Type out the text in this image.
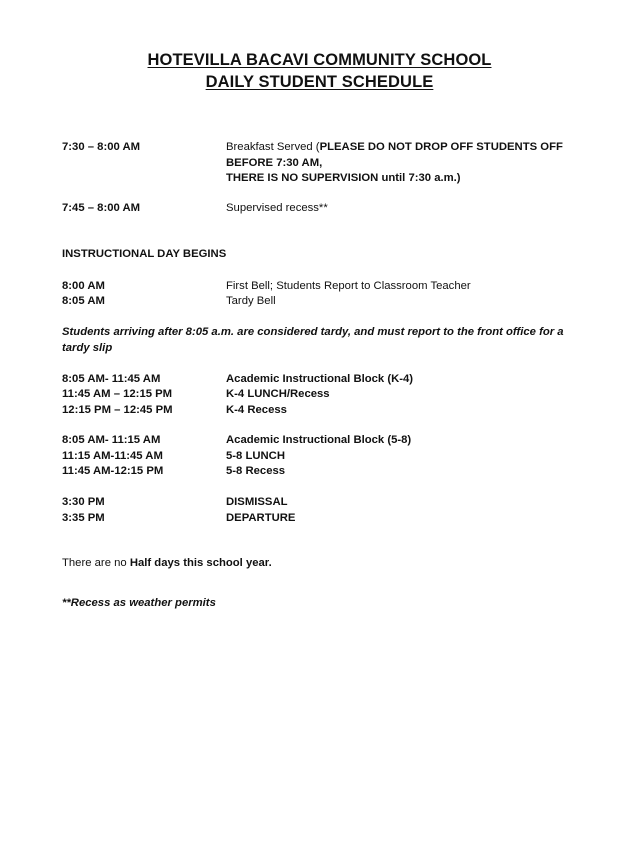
HOTEVILLA BACAVI COMMUNITY SCHOOL
DAILY STUDENT SCHEDULE
7:30 – 8:00 AM	Breakfast Served (PLEASE DO NOT DROP OFF STUDENTS OFF BEFORE 7:30 AM,
THERE IS NO SUPERVISION until 7:30 a.m.)
7:45 – 8:00 AM	Supervised recess**
INSTRUCTIONAL DAY BEGINS
8:00 AM	First Bell; Students Report to Classroom Teacher
8:05 AM	Tardy Bell
Students arriving after 8:05 a.m. are considered tardy, and must report to the front office for a tardy slip
8:05 AM- 11:45 AM	Academic Instructional Block (K-4)
11:45 AM – 12:15 PM	K-4 LUNCH/Recess
12:15 PM – 12:45 PM	K-4 Recess
8:05 AM- 11:15 AM	Academic Instructional Block (5-8)
11:15 AM-11:45 AM	5-8 LUNCH
11:45 AM-12:15 PM	5-8 Recess
3:30 PM	DISMISSAL
3:35 PM	DEPARTURE
There are no Half days this school year.
**Recess as weather permits
